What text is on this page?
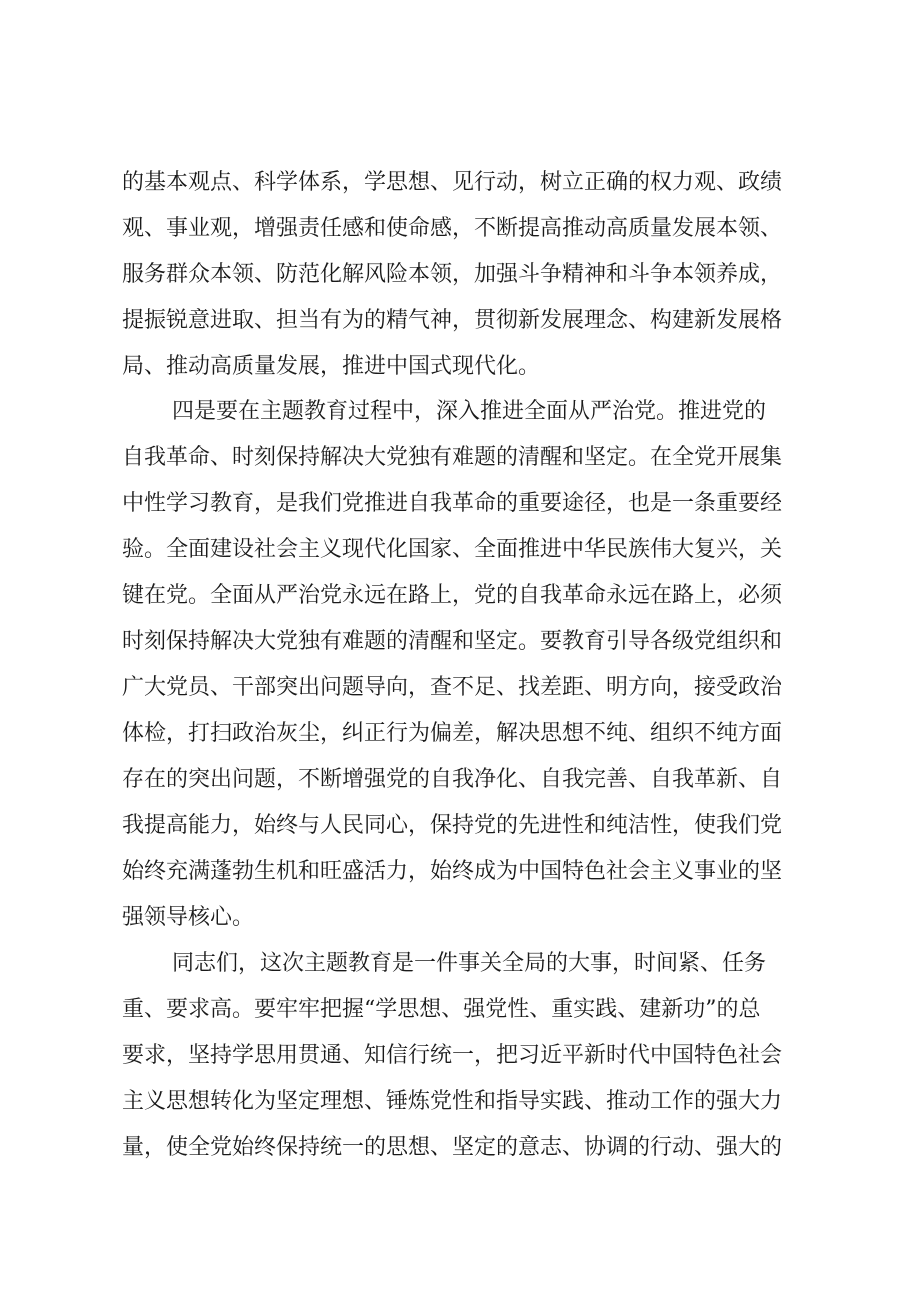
的基本观点、科学体系，学思想、见行动，树立正确的权力观、政绩

观、事业观，增强责任感和使命感，不断提高推动高质量发展本领、

服务群众本领、防范化解风险本领，加强斗争精神和斗争本领养成，

提振锐意进取、担当有为的精气神，贯彻新发展理念、构建新发展格

局、推动高质量发展，推进中国式现代化。

四是要在主题教育过程中，深入推进全面从严治党。推进党的

自我革命、时刻保持解决大党独有难题的清醒和坚定。在全党开展集

中性学习教育，是我们党推进自我革命的重要途径，也是一条重要经

验。全面建设社会主义现代化国家、全面推进中华民族伟大复兴，关

键在党。全面从严治党永远在路上，党的自我革命永远在路上，必须

时刻保持解决大党独有难题的清醒和坚定。要教育引导各级党组织和

广大党员、干部突出问题导向，查不足、找差距、明方向，接受政治

体检，打扫政治灰尘，纠正行为偏差，解决思想不纯、组织不纯方面

存在的突出问题，不断增强党的自我净化、自我完善、自我革新、自

我提高能力，始终与人民同心，保持党的先进性和纯洁性，使我们党

始终充满蓬勃生机和旺盛活力，始终成为中国特色社会主义事业的坚

强领导核心。

同志们，这次主题教育是一件事关全局的大事，时间紧、任务

重、要求高。要牢牢把握“学思想、强党性、重实践、建新功”的总

要求，坚持学思用贯通、知信行统一，把习近平新时代中国特色社会

主义思想转化为坚定理想、锤炼党性和指导实践、推动工作的强大力

量，使全党始终保持统一的思想、坚定的意志、协调的行动、强大的
